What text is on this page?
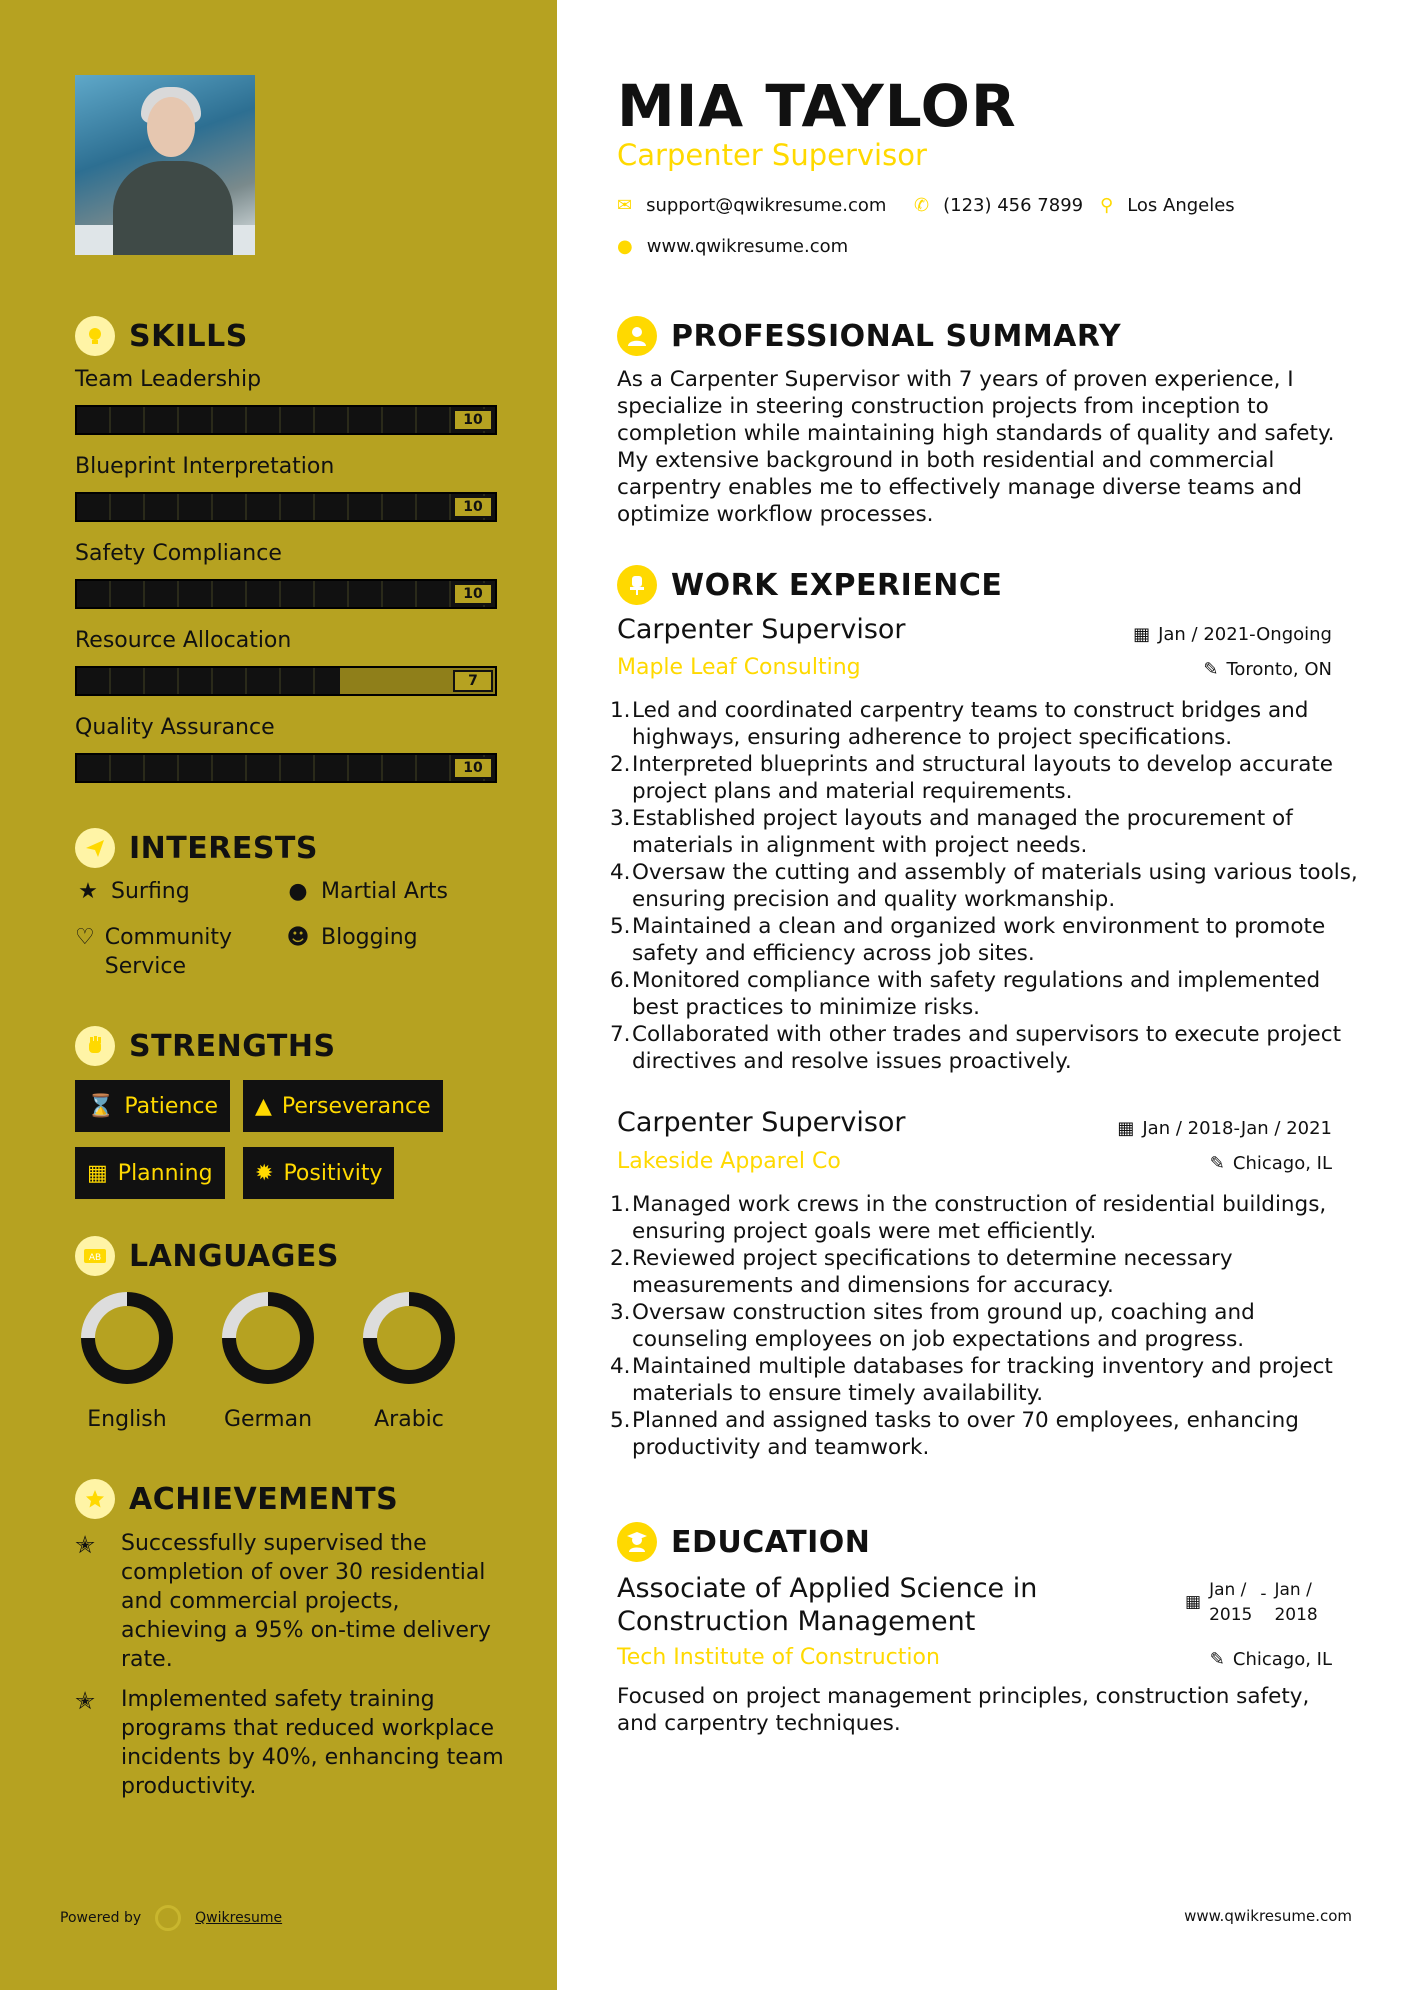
SKILLS
Team Leadership
10
Blueprint Interpretation
10
Safety Compliance
10
Resource Allocation
7
Quality Assurance
10
INTERESTS
★ Surfing	● Martial Arts
♡ Community Service
☻ Blogging
STRENGTHS
⌛ Patience ▲ Perseverance
▦ Planning ✹ Positivity
AB LANGUAGES
English	German	Arabic
ACHIEVEMENTS
✭	Successfully supervised the completion of over 30 residential and commercial projects, achieving a 95% on-time delivery rate.
✭	Implemented safety training programs that reduced workplace incidents by 40%, enhancing team productivity.
Powered by	Qwikresume
MIA TAYLOR
Carpenter Supervisor
✉ support@qwikresume.com ✆ (123) 456 7899 ⚲ Los Angeles
● www.qwikresume.com
PROFESSIONAL SUMMARY
As a Carpenter Supervisor with 7 years of proven experience, I specialize in steering construction projects from inception to completion while maintaining high standards of quality and safety. My extensive background in both residential and commercial carpentry enables me to effectively manage diverse teams and optimize workflow processes.
WORK EXPERIENCE
Carpenter Supervisor	▦ Jan / 2021-Ongoing
Maple Leaf Consulting	✎ Toronto, ON
1. Led and coordinated carpentry teams to construct bridges and highways, ensuring adherence to project specifications.
2. Interpreted blueprints and structural layouts to develop accurate project plans and material requirements.
3. Established project layouts and managed the procurement of materials in alignment with project needs.
4. Oversaw the cutting and assembly of materials using various tools, ensuring precision and quality workmanship.
5. Maintained a clean and organized work environment to promote safety and efficiency across job sites.
6. Monitored compliance with safety regulations and implemented best practices to minimize risks.
7. Collaborated with other trades and supervisors to execute project directives and resolve issues proactively.
Carpenter Supervisor	▦ Jan / 2018-Jan / 2021
Lakeside Apparel Co	✎ Chicago, IL
1. Managed work crews in the construction of residential buildings, ensuring project goals were met efficiently.
2. Reviewed project specifications to determine necessary measurements and dimensions for accuracy.
3. Oversaw construction sites from ground up, coaching and counseling employees on job expectations and progress.
4. Maintained multiple databases for tracking inventory and project materials to ensure timely availability.
5. Planned and assigned tasks to over 70 employees, enhancing productivity and teamwork.
EDUCATION
Associate of Applied Science in
Construction Management
▦
Jan /
2015
- Jan /
2018
Tech Institute of Construction	✎ Chicago, IL
Focused on project management principles, construction safety, and carpentry techniques.
www.qwikresume.com
